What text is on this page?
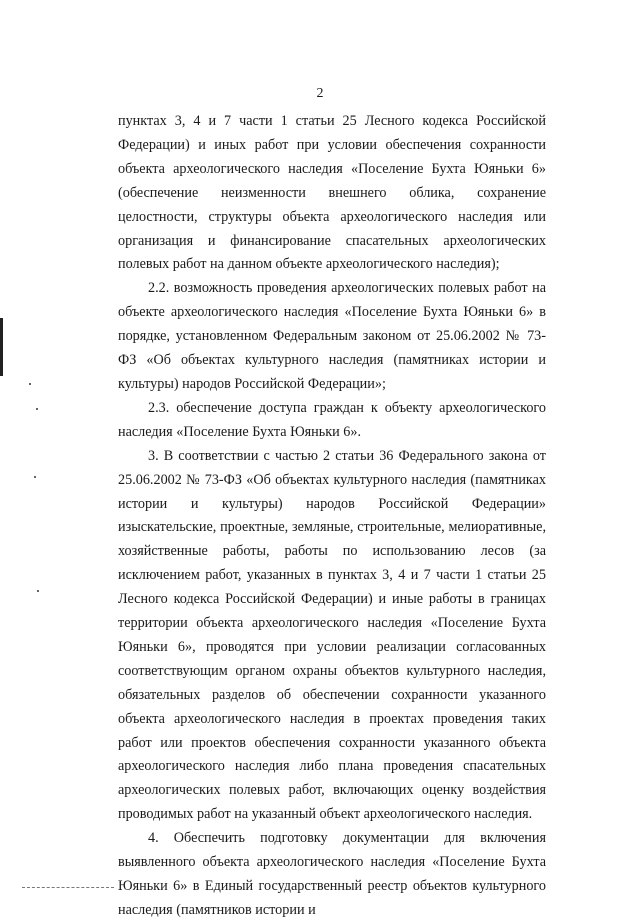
2

пунктах 3, 4 и 7 части 1 статьи 25 Лесного кодекса Российской Федерации) и иных работ при условии обеспечения сохранности объекта археологического наследия «Поселение Бухта Юяньки 6» (обеспечение неизменности внешнего облика, сохранение целостности, структуры объекта археологического наследия или организация и финансирование спасательных археологических полевых работ на данном объекте археологического наследия);

2.2. возможность проведения археологических полевых работ на объекте археологического наследия «Поселение Бухта Юяньки 6» в порядке, установленном Федеральным законом от 25.06.2002 № 73-ФЗ «Об объектах культурного наследия (памятниках истории и культуры) народов Российской Федерации»;

2.3. обеспечение доступа граждан к объекту археологического наследия «Поселение Бухта Юяньки 6».

3. В соответствии с частью 2 статьи 36 Федерального закона от 25.06.2002 № 73-ФЗ «Об объектах культурного наследия (памятниках истории и культуры) народов Российской Федерации» изыскательские, проектные, земляные, строительные, мелиоративные, хозяйственные работы, работы по использованию лесов (за исключением работ, указанных в пунктах 3, 4 и 7 части 1 статьи 25 Лесного кодекса Российской Федерации) и иные работы в границах территории объекта археологического наследия «Поселение Бухта Юяньки 6», проводятся при условии реализации согласованных соответствующим органом охраны объектов культурного наследия, обязательных разделов об обеспечении сохранности указанного объекта археологического наследия в проектах проведения таких работ или проектов обеспечения сохранности указанного объекта археологического наследия либо плана проведения спасательных археологических полевых работ, включающих оценку воздействия проводимых работ на указанный объект археологического наследия.

4. Обеспечить подготовку документации для включения выявленного объекта археологического наследия «Поселение Бухта Юяньки 6» в Единый государственный реестр объектов культурного наследия (памятников истории и
